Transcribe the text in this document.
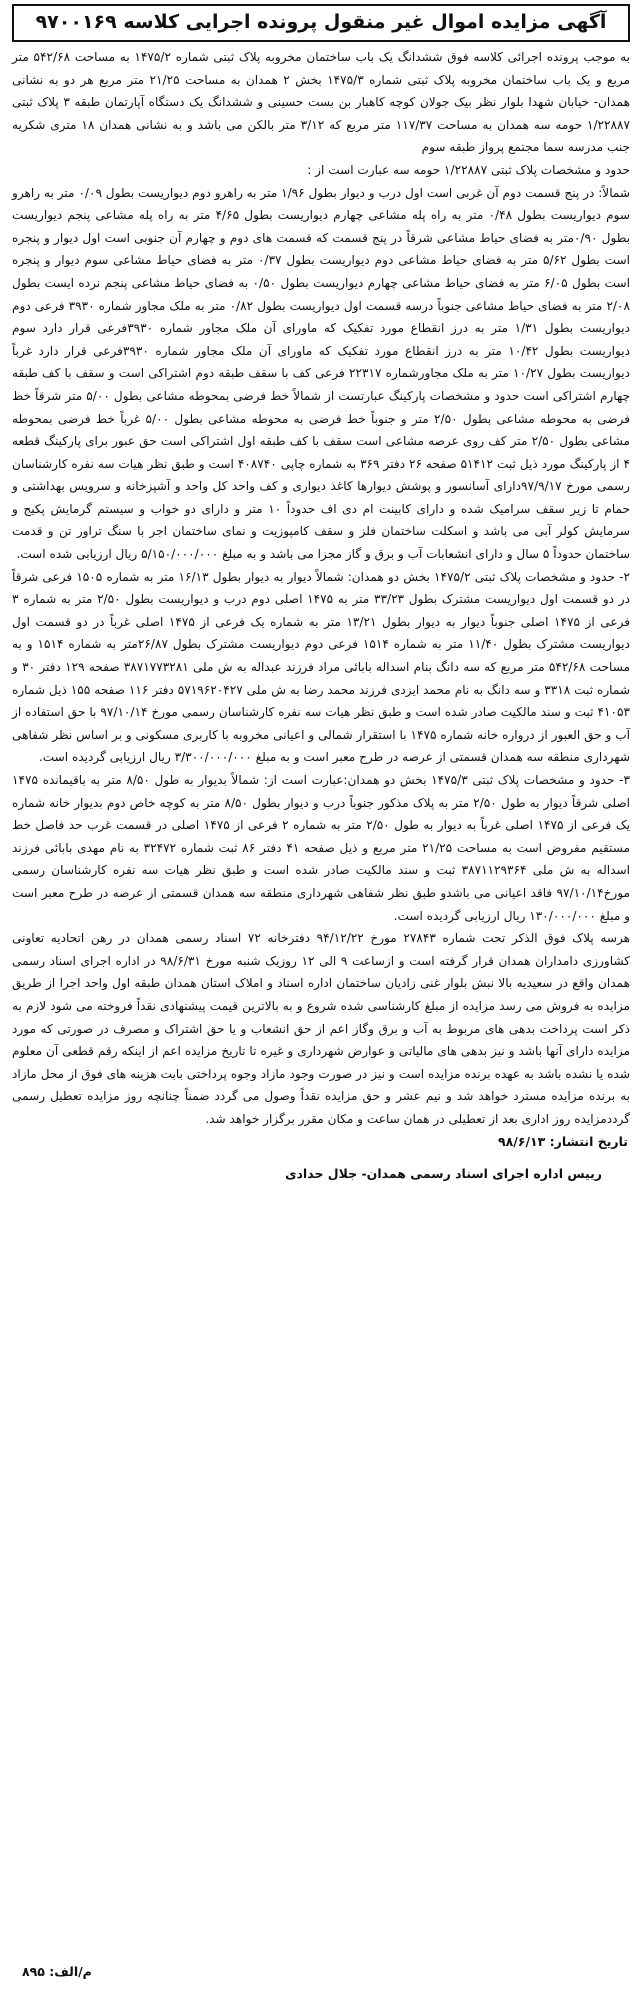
آگهی مزایده اموال غیر منقول پرونده اجرایی کلاسه ۹۷۰۰۱۶۹

به موجب پرونده اجرائی کلاسه فوق ششدانگ یک باب ساختمان مخروبه پلاک ثبتی شماره ۱۴۷۵/۲ به مساحت ۵۴۲/۶۸ متر مربع و یک باب ساختمان مخروبه پلاک ثبتی شماره ۱۴۷۵/۳ بخش ۲ همدان به مساحت ۲۱/۲۵ متر مربع هر دو به نشانی همدان- خیابان شهدا بلوار نظر بیک جولان کوچه کاهبار بن بست حسینی و ششدانگ یک دستگاه آپارتمان طبقه ۳ پلاک ثبتی ۱/۲۲۸۸۷ حومه سه همدان به مساحت ۱۱۷/۳۷ متر مربع که ۳/۱۲ متر بالکن می باشد و به نشانی همدان ۱۸ متری شکریه جنب مدرسه سما مجتمع پرواز طبقه سوم

حدود و مشخصات پلاک ثبتی ۱/۲۲۸۸۷ حومه سه عبارت است از :

شمالاً: در پنج قسمت دوم آن غربی است اول درب و دیوار بطول ۱/۹۶ متر به راهرو دوم دیواریست بطول ۰/۰۹ متر به راهرو سوم دیواریست بطول ۰/۴۸ متر به راه پله مشاعی چهارم دیواریست بطول ۴/۶۵ متر به راه پله مشاعی پنجم دیواریست بطول ۰/۹۰متر به فضای حیاط مشاعی شرقاً در پنج قسمت که قسمت های دوم و چهارم آن جنوبی است اول دیوار و پنجره است بطول ۵/۶۲ متر به فضای حیاط مشاعی دوم دیواریست بطول ۰/۳۷ متر به فضای حیاط مشاعی سوم دیوار و پنجره است بطول ۶/۰۵ متر به فضای حیاط مشاعی چهارم دیواریست بطول ۰/۵۰ به فضای حیاط مشاعی پنجم نرده ایست بطول ۲/۰۸ متر به فضای حیاط مشاعی جنوباً درسه قسمت اول دیواریست بطول ۰/۸۲ متر به ملک مجاور شماره ۳۹۳۰ فرعی دوم دیواریست بطول ۱/۳۱ متر به درز انقطاع مورد تفکیک که ماورای آن ملک مجاور شماره ۳۹۳۰فرعی قرار دارد سوم دیواریست بطول ۱۰/۴۲ متر به درز انقطاع مورد تفکیک که ماورای آن ملک مجاور شماره ۳۹۳۰فرعی قرار دارد غرباً دیواریست بطول ۱۰/۲۷ متر به ملک مجاورشماره ۲۲۳۱۷ فرعی کف با سقف طبقه دوم اشتراکی است و سقف با کف طبقه چهارم اشتراکی است حدود و مشخصات پارکینگ عبارتست از شمالاً خط فرضی بمحوطه مشاعی بطول ۵/۰۰ متر شرقاً خط فرضی به محوطه مشاعی بطول ۲/۵۰ متر و جنوباً خط فرضی به محوطه مشاعی بطول ۵/۰۰ غرباً خط فرضی بمحوطه مشاعی بطول ۲/۵۰ متر کف روی عرصه مشاعی است سقف با کف طبقه اول اشتراکی است حق عبور برای پارکینگ قطعه ۴ از پارکینگ مورد ذیل ثبت ۵۱۴۱۲ صفحه ۲۶ دفتر ۳۶۹ به شماره چاپی ۴۰۸۷۴۰ است و طبق نظر هیات سه نفره کارشناسان رسمی مورخ ۹۷/۹/۱۷دارای آسانسور و پوشش دیوارها کاغذ دیواری و کف واحد کل واحد و آشپزخانه و سرویس بهداشتی و حمام تا زیر سقف سرامیک شده و دارای کابینت ام دی اف حدوداً ۱۰ متر و دارای دو خواب و سیستم گرمایش پکیج و سرمایش کولر آبی می باشد و اسکلت ساختمان فلز و سقف کامپوزیت و نمای ساختمان اجر با سنگ تراور تن و قدمت ساختمان حدوداً ۵ سال و دارای انشعابات آب و برق و گاز مجزا می باشد و به مبلغ ۵/۱۵۰/۰۰۰/۰۰۰ ریال ارزیابی شده است.

۲- حدود و مشخصات پلاک ثبتی ۱۴۷۵/۲ بخش دو همدان: شمالاً دیوار به دیوار بطول ۱۶/۱۳ متر به شماره ۱۵۰۵ فرعی شرقاً در دو قسمت اول دیواریست مشترک بطول ۳۳/۲۳ متر به ۱۴۷۵ اصلی دوم درب و دیواریست بطول ۲/۵۰ متر به شماره ۳ فرعی از ۱۴۷۵ اصلی جنوباً دیوار به دیوار بطول ۱۳/۲۱ متر به شماره یک فرعی از ۱۴۷۵ اصلی غرباً در دو قسمت اول دیواریست مشترک بطول ۱۱/۴۰ متر به شماره ۱۵۱۴ فرعی دوم دیواریست مشترک بطول ۲۶/۸۷متر به شماره ۱۵۱۴ و به مساحت ۵۴۲/۶۸ متر مربع که سه دانگ بنام اسداله بابائی مراد فرزند عبداله به ش ملی ۳۸۷۱۷۷۳۲۸۱ صفحه ۱۲۹ دفتر ۳۰ و شماره ثبت ۳۳۱۸ و سه دانگ به نام محمد ایزدی فرزند محمد رضا به ش ملی ۵۷۱۹۶۲۰۴۲۷ دفتر ۱۱۶ صفحه ۱۵۵ ذیل شماره ۴۱۰۵۳ ثبت و سند مالکیت صادر شده است و طبق نظر هیات سه نفره کارشناسان رسمی مورخ ۹۷/۱۰/۱۴ با حق استفاده از آب و حق العبور از درواره خانه شماره ۱۴۷۵ با استقرار شمالی و اعیانی مخروبه با کاربری مسکونی و بر اساس نظر شفاهی شهرداری منطقه سه همدان قسمتی از عرصه در طرح معبر است و به مبلغ ۳/۳۰۰/۰۰۰/۰۰۰ ریال ارزیابی گردیده است.

۳- حدود و مشخصات پلاک ثبتی ۱۴۷۵/۳ بخش دو همدان:عبارت است از: شمالاً بدیوار به طول ۸/۵۰ متر به باقیمانده ۱۴۷۵ اصلی شرقاً دیوار به طول ۲/۵۰ متر به پلاک مذکور جنوباً درب و دیوار بطول ۸/۵۰ متر به کوچه خاص دوم بدیوار خانه شماره یک فرعی از ۱۴۷۵ اصلی غرباً به دیوار به طول ۲/۵۰ متر به شماره ۲ فرعی از ۱۴۷۵ اصلی در قسمت غرب حد فاصل خط مستقیم مفروض است به مساحت ۲۱/۲۵ متر مربع و ذیل صفحه ۴۱ دفتر ۸۶ ثبت شماره ۳۲۴۷۲ به نام مهدی بابائی فرزند اسداله به ش ملی ۳۸۷۱۱۲۹۳۶۴ ثبت و سند مالکیت صادر شده است و طبق نظر هیات سه نفره کارشناسان رسمی مورخ۹۷/۱۰/۱۴ فاقد اعیانی می باشدو طبق نظر شفاهی شهرداری منطقه سه همدان قسمتی از عرصه در طرح معبر است و مبلغ ۱۳۰/۰۰۰/۰۰۰ ریال ارزیابی گردیده است.

هرسه پلاک فوق الذکر تحت شماره ۲۷۸۴۳ مورخ ۹۴/۱۲/۲۲ دفترخانه ۷۲ اسناد رسمی همدان در رهن اتحادیه تعاونی کشاورزی دامداران همدان قرار گرفته است و ازساعت ۹ الی ۱۲ روزیک شنبه مورخ ۹۸/۶/۳۱ در اداره اجرای اسناد رسمی همدان واقع در سعیدیه بالا نبش بلوار غنی زادیان ساختمان اداره اسناد و املاک استان همدان طبقه اول واحد اجرا از طریق مزایده به فروش می رسد مزایده از مبلغ کارشناسی شده شروع و به بالاترین قیمت پیشنهادی نقداً فروخته می شود لازم به ذکر است پرداخت بدهی های مربوط به آب و برق وگاز اعم از حق انشعاب و یا حق اشتراک و مصرف در صورتی که مورد مزایده دارای آنها باشد و نیز بدهی های مالیاتی و عوارض شهرداری و غیره تا تاریخ مزایده اعم از اینکه رقم قطعی آن معلوم شده یا نشده باشد به عهده برنده مزایده است و نیز در صورت وجود مازاد وجوه پرداختی بابت هزینه های فوق از محل مازاد به برنده مزایده مسترد خواهد شد و نیم عشر و حق مزایده نقداً وصول می گردد ضمناً چنانچه روز مزایده تعطیل رسمی گرددمزایده روز اداری بعد از تعطیلی در همان ساعت و مکان مقرر برگزار خواهد شد.

تاریخ انتشار: ۹۸/۶/۱۳
رییس اداره اجرای اسناد رسمی همدان- جلال حدادی
م/الف: ۸۹۵
